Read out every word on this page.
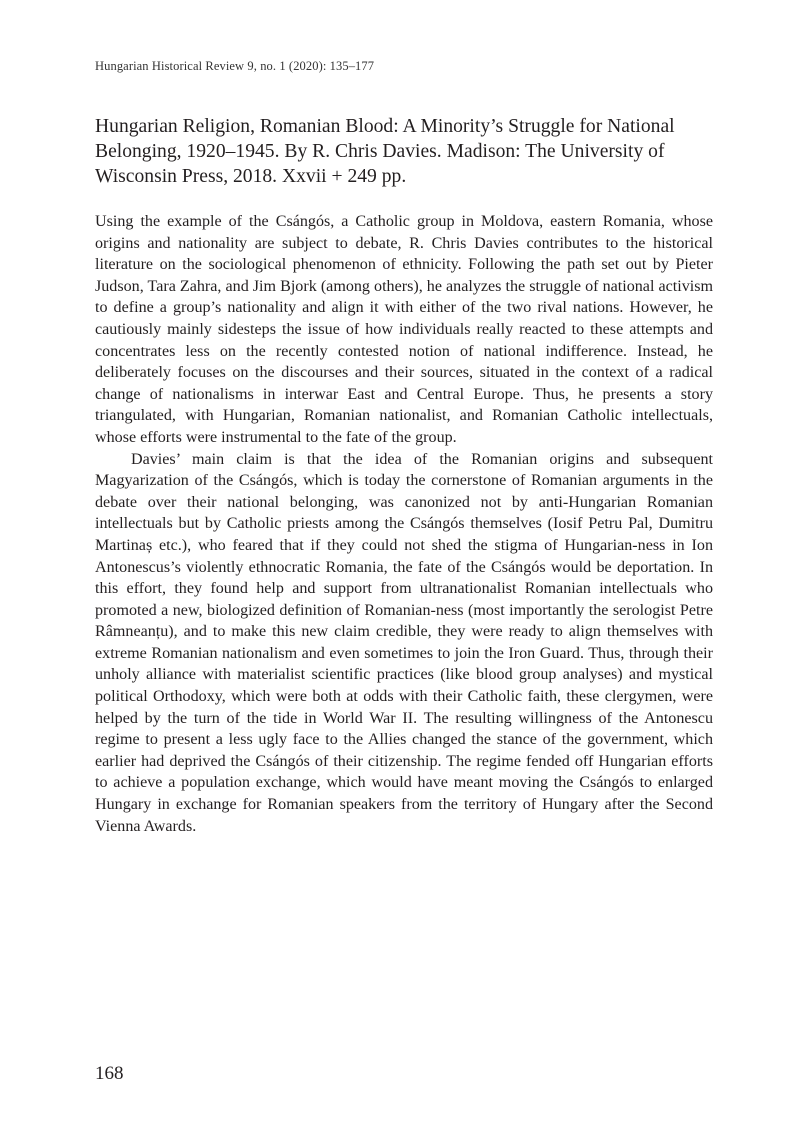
Hungarian Historical Review 9, no. 1 (2020): 135–177
Hungarian Religion, Romanian Blood: A Minority’s Struggle for National Belonging, 1920–1945. By R. Chris Davies. Madison: The University of Wisconsin Press, 2018. Xxvii + 249 pp.

Using the example of the Csángós, a Catholic group in Moldova, eastern Romania, whose origins and nationality are subject to debate, R. Chris Davies contributes to the historical literature on the sociological phenomenon of ethnicity. Following the path set out by Pieter Judson, Tara Zahra, and Jim Bjork (among others), he analyzes the struggle of national activism to define a group’s nationality and align it with either of the two rival nations. However, he cautiously mainly sidesteps the issue of how individuals really reacted to these attempts and concentrates less on the recently contested notion of national indifference. Instead, he deliberately focuses on the discourses and their sources, situated in the context of a radical change of nationalisms in interwar East and Central Europe. Thus, he presents a story triangulated, with Hungarian, Romanian nationalist, and Romanian Catholic intellectuals, whose efforts were instrumental to the fate of the group.

Davies’ main claim is that the idea of the Romanian origins and subsequent Magyarization of the Csángós, which is today the cornerstone of Romanian arguments in the debate over their national belonging, was canonized not by anti-Hungarian Romanian intellectuals but by Catholic priests among the Csángós themselves (Iosif Petru Pal, Dumitru Martinaș etc.), who feared that if they could not shed the stigma of Hungarian-ness in Ion Antonescus’s violently ethnocratic Romania, the fate of the Csángós would be deportation. In this effort, they found help and support from ultranationalist Romanian intellectuals who promoted a new, biologized definition of Romanian-ness (most importantly the serologist Petre Râmneanțu), and to make this new claim credible, they were ready to align themselves with extreme Romanian nationalism and even sometimes to join the Iron Guard. Thus, through their unholy alliance with materialist scientific practices (like blood group analyses) and mystical political Orthodoxy, which were both at odds with their Catholic faith, these clergymen, were helped by the turn of the tide in World War II. The resulting willingness of the Antonescu regime to present a less ugly face to the Allies changed the stance of the government, which earlier had deprived the Csángós of their citizenship. The regime fended off Hungarian efforts to achieve a population exchange, which would have meant moving the Csángós to enlarged Hungary in exchange for Romanian speakers from the territory of Hungary after the Second Vienna Awards.

168
